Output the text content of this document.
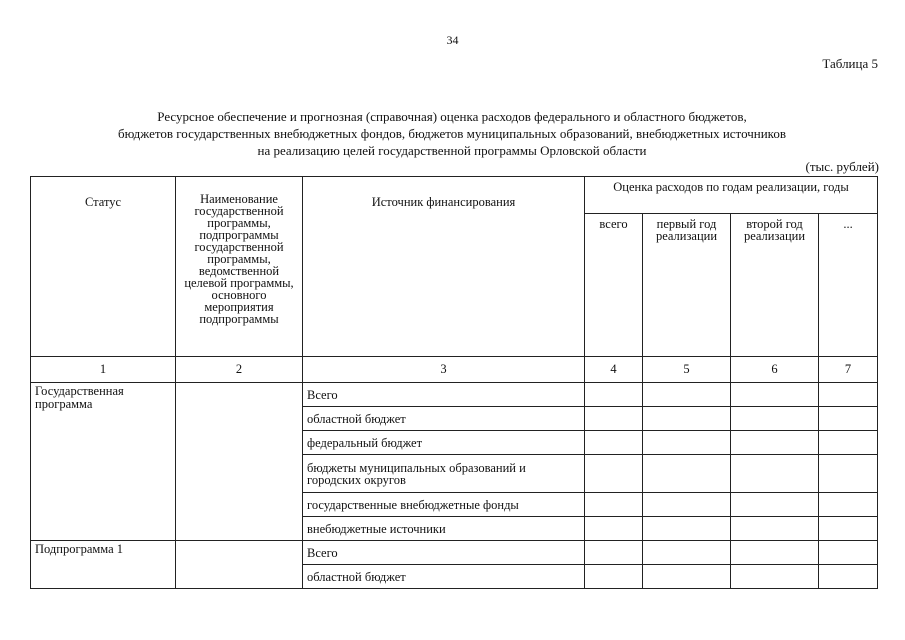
34
Таблица 5
Ресурсное обеспечение и прогнозная (справочная) оценка расходов федерального и областного бюджетов,
бюджетов государственных внебюджетных фондов, бюджетов муниципальных образований, внебюджетных источников
на реализацию целей государственной программы Орловской области
(тыс. рублей)
Статус	Наименование государственной программы, подпрограммы государственной программы, ведомственной целевой программы, основного мероприятия подпрограммы	Источник финансирования	Оценка расходов по годам реализации, годы			
			всего	первый год реализации	второй год реализации	...
1	2	3	4	5	6	7
Государственная программа		Всего				
		областной бюджет				
		федеральный бюджет				
		бюджеты муниципальных образований и городских округов				
		государственные внебюджетные фонды				
		внебюджетные источники				
Подпрограмма 1		Всего				
		областной бюджет				
